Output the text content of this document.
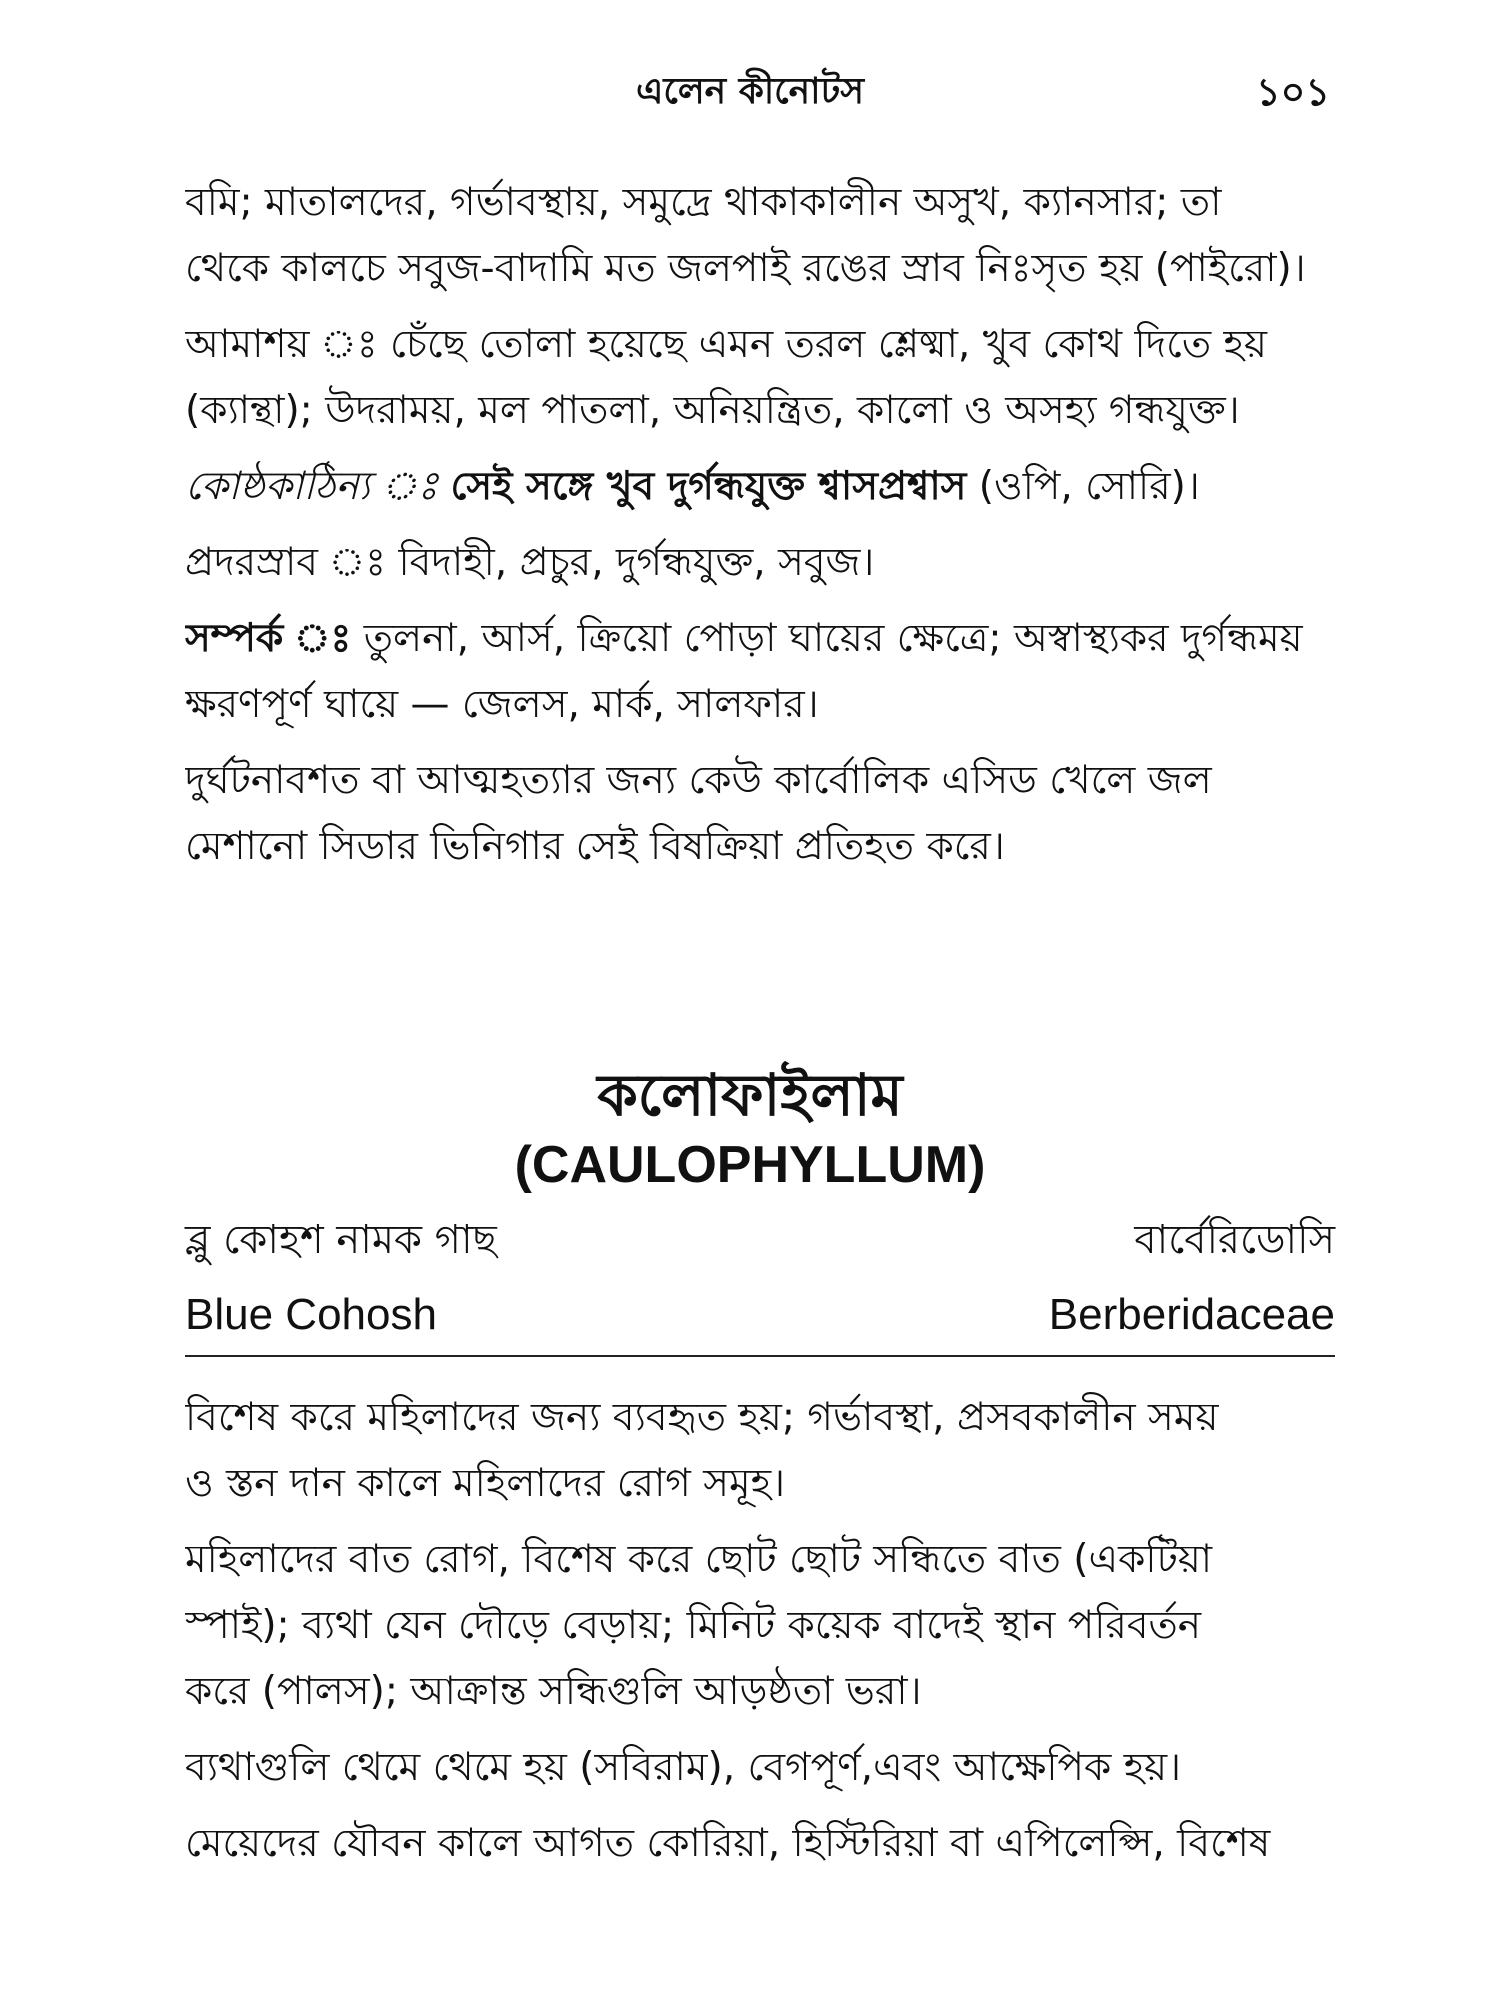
এলেন কীনোটস	১০১

বমি; মাতালদের, গর্ভাবস্থায়, সমুদ্রে থাকাকালীন অসুখ, ক্যানসার; তা
থেকে কালচে সবুজ-বাদামি মত জলপাই রঙের স্রাব নিঃসৃত হয় (পাইরো)।

আমাশয় ঃ চেঁছে তোলা হয়েছে এমন তরল শ্লেষ্মা, খুব কোথ দিতে হয়
(ক্যান্থা); উদরাময়, মল পাতলা, অনিয়ন্ত্রিত, কালো ও অসহ্য গন্ধযুক্ত।

কোষ্ঠকাঠিন্য ঃ সেই সঙ্গে খুব দুর্গন্ধযুক্ত শ্বাসপ্রশ্বাস (ওপি, সোরি)।

প্রদরস্রাব ঃ বিদাহী, প্রচুর, দুর্গন্ধযুক্ত, সবুজ।

সম্পর্ক ঃ তুলনা, আর্স, ক্রিয়ো পোড়া ঘায়ের ক্ষেত্রে; অস্বাস্থ্যকর দুর্গন্ধময়
ক্ষরণপূর্ণ ঘায়ে — জেলস, মার্ক, সালফার।

দুর্ঘটনাবশত বা আত্মহত্যার জন্য কেউ কার্বোলিক এসিড খেলে জল
মেশানো সিডার ভিনিগার সেই বিষক্রিয়া প্রতিহত করে।

কলোফাইলাম
(CAULOPHYLLUM)
ব্লু কোহশ নামক গাছ	বার্বেরিডোসি
Blue Cohosh	Berberidaceae

বিশেষ করে মহিলাদের জন্য ব্যবহৃত হয়; গর্ভাবস্থা, প্রসবকালীন সময়
ও স্তন দান কালে মহিলাদের রোগ সমূহ।

মহিলাদের বাত রোগ, বিশেষ করে ছোট ছোট সন্ধিতে বাত (একটিয়া
স্পাই); ব্যথা যেন দৌড়ে বেড়ায়; মিনিট কয়েক বাদেই স্থান পরিবর্তন
করে (পালস); আক্রান্ত সন্ধিগুলি আড়ষ্ঠতা ভরা।

ব্যথাগুলি থেমে থেমে হয় (সবিরাম), বেগপূর্ণ,এবং আক্ষেপিক হয়।

মেয়েদের যৌবন কালে আগত কোরিয়া, হিস্টিরিয়া বা এপিলেপ্সি, বিশেষ
